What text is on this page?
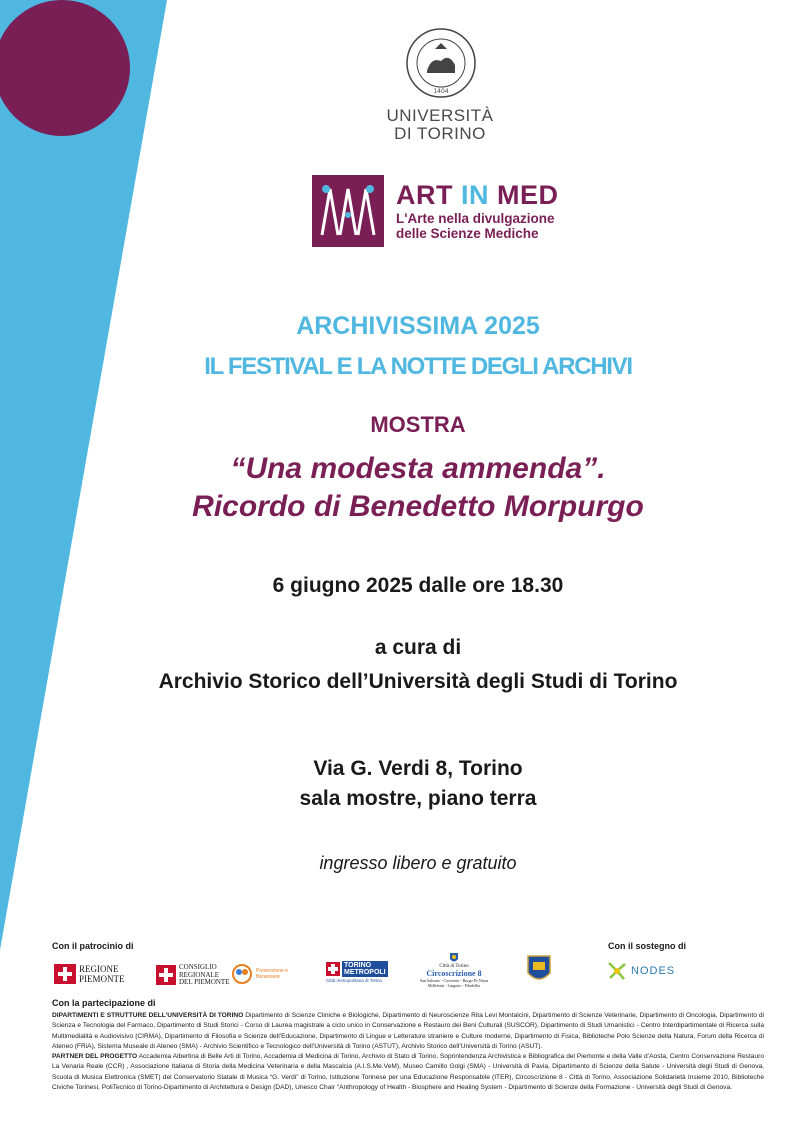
1404
UNIVERSITÀ
DI TORINO
ART IN MED
L'Arte nella divulgazione
delle Scienze Mediche
ARCHIVISSIMA 2025
IL FESTIVAL E LA NOTTE DEGLI ARCHIVI
MOSTRA
“Una modesta ammenda”.
Ricordo di Benedetto Morpurgo
6 giugno 2025 dalle ore 18.30
a cura di
Archivio Storico dell’Università degli Studi di Torino
Via G. Verdi 8, Torino
sala mostre, piano terra
ingresso libero e gratuito
Con il patrocinio di	Con il sostegno di
REGIONE PIEMONTE
CONSIGLIO
REGIONALE
DEL PIEMONTE
Prevenzione e Benessere
TORINO METROPOLI
Città metropolitana di Torino
Città di Torino
Circoscrizione 8
San Salvario - Cavoretto - Borgo Po Nizza Millefonti - Lingotto - Filadelfia
NODES
Con la partecipazione di
DIPARTIMENTI E STRUTTURE DELL’UNIVERSITÀ DI TORINO Dipartimento di Scienze Cliniche e Biologiche, Dipartimento di Neuroscienze Rita Levi Montalcini, Dipartimento di Scienze Veterinarie, Dipartimento di Oncologia, Dipartimento di Scienza e Tecnologia del Farmaco, Dipartimento di Studi Storici - Corso di Laurea magistrale a ciclo unico in Conservazione e Restauro dei Beni Culturali (SUSCOR), Dipartimento di Studi Umanistici - Centro Interdipartimentale di Ricerca sulla Multimedialità e Audiovisivo (CIRMA), Dipartimento di Filosofia e Scienze dell’Educazione, Dipartimento di Lingue e Letterature straniere e Culture moderne, Dipartimento di Fisica, Biblioteche Polo Scienze della Natura, Forum della Ricerca di Ateneo (FRiA), Sistema Museale di Ateneo (SMA) - Archivio Scientifico e Tecnologico dell’Università di Torino (ASTUT), Archivio Storico dell’Università di Torino (ASUT).
PARTNER DEL PROGETTO Accademia Albertina di Belle Arti di Torino, Accademia di Medicina di Torino, Archivio di Stato di Torino, Soprintendenza Archivistica e Bibliografica del Piemonte e della Valle d’Aosta, Centro Conservazione Restauro La Venaria Reale (CCR) , Associazione Italiana di Storia della Medicina Veterinaria e della Mascalcia (A.I.S.Me.VeM), Museo Camillo Golgi (SMA) - Università di Pavia, Dipartimento di Scienze della Salute - Università degli Studi di Genova, Scuola di Musica Elettronica (SMET) del Conservatorio Statale di Musica “G. Verdi” di Torino, Istituzione Torinese per una Educazione Responsabile (ITER), Circoscrizione 8 - Città di Torino, Associazione Solidarietà Insieme 2010, Biblioteche Civiche Torinesi, PoliTecnico di Torino-Dipartimento di Architettura e Design (DAD), Unesco Chair “Anthropology of Health - Biosphere and Healing System - Dipartimento di Scienze della Formazione - Università degli Studi di Genova.
